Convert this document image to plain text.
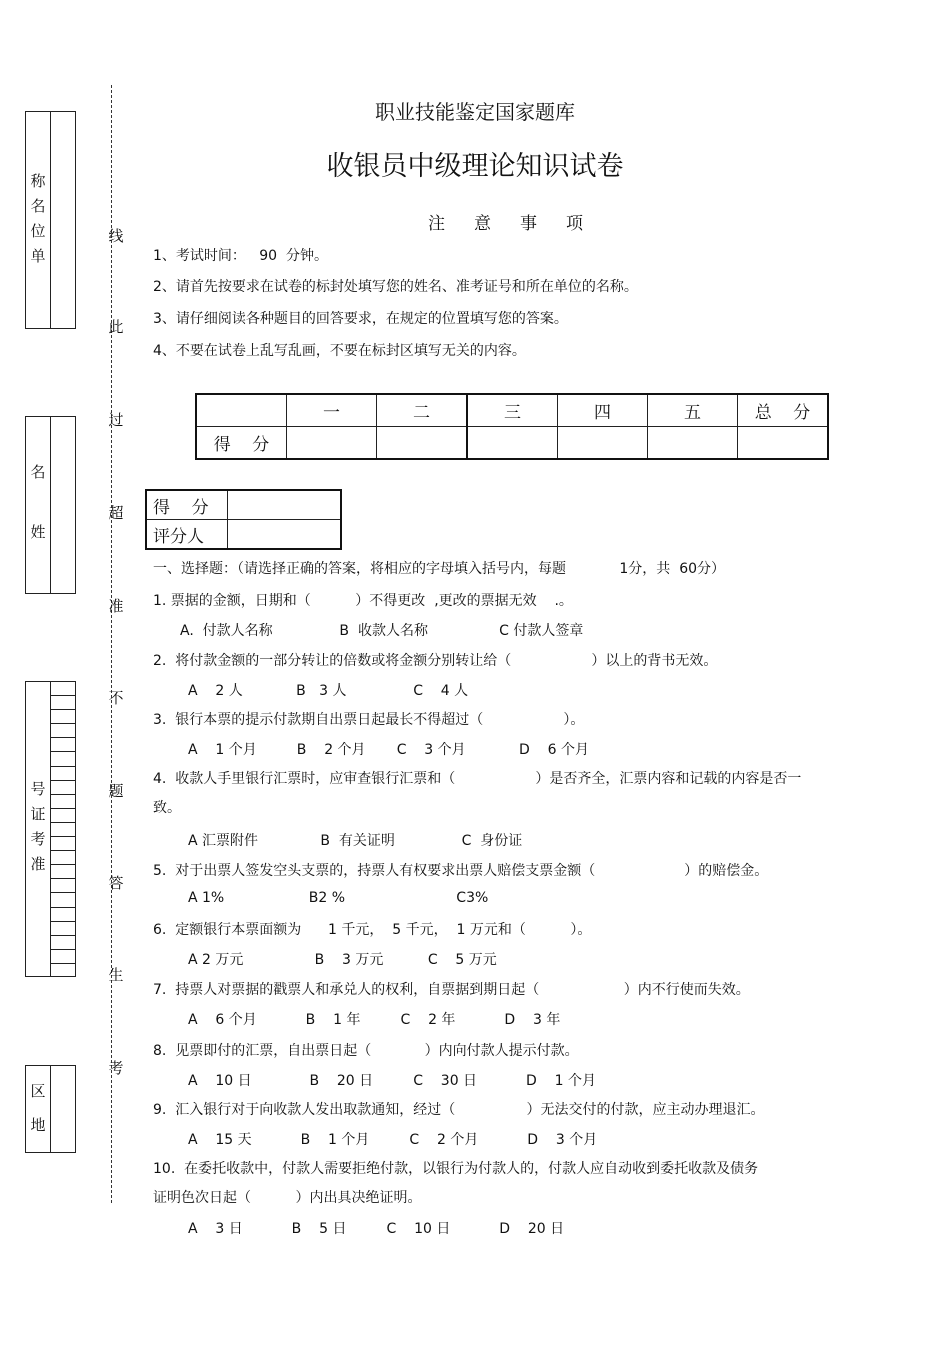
称
名
位
单
名
姓
号
证
考
准
区
地
线
此
过
超
准
不
题
答
生
考
职业技能鉴定国家题库
收银员中级理论知识试卷
注 意 事 项
1、考试时间：   90  分钟。
2、请首先按要求在试卷的标封处填写您的姓名、准考证号和所在单位的名称。
3、请仔细阅读各种题目的回答要求，在规定的位置填写您的答案。
4、不要在试卷上乱写乱画，不要在标封区填写无关的内容。
	一	二	三	四	五	总    分
得    分						
得    分	
评分人	
一、选择题：（请选择正确的答案，将相应的字母填入括号内，每题            1分，共  60分）
1. 票据的金额，日期和（          ）不得更改  ,更改的票据无效    .。
A.  付款人名称               B  收款人名称                C 付款人签章
2.  将付款金额的一部分转让的倍数或将金额分别转让给（                  ）以上的背书无效。
A    2 人            B   3 人               C    4 人
3.  银行本票的提示付款期自出票日起最长不得超过（                  ）。
A    1 个月         B    2 个月       C    3 个月            D    6 个月
4.  收款人手里银行汇票时，应审查银行汇票和（                  ）是否齐全，汇票内容和记载的内容是否一
致。
A 汇票附件              B  有关证明               C  身份证
5.  对于出票人签发空头支票的，持票人有权要求出票人赔偿支票金额（                    ）的赔偿金。
A 1%                   B2 %                         C3%
6.  定额银行本票面额为      1 千元，  5 千元，  1 万元和（          ）。
A 2 万元                B    3 万元          C    5 万元
7.  持票人对票据的戳票人和承兑人的权利，自票据到期日起（                   ）内不行使而失效。
A    6 个月           B    1 年         C    2 年           D    3 年
8.  见票即付的汇票，自出票日起（            ）内向付款人提示付款。
A    10 日             B    20 日         C    30 日           D    1 个月
9.  汇入银行对于向收款人发出取款通知，经过（                ）无法交付的付款，应主动办理退汇。
A    15 天           B    1 个月         C    2 个月           D    3 个月
10.  在委托收款中，付款人需要拒绝付款，以银行为付款人的，付款人应自动收到委托收款及债务
证明色次日起（          ）内出具决绝证明。
A    3 日           B    5 日         C    10 日           D    20 日
